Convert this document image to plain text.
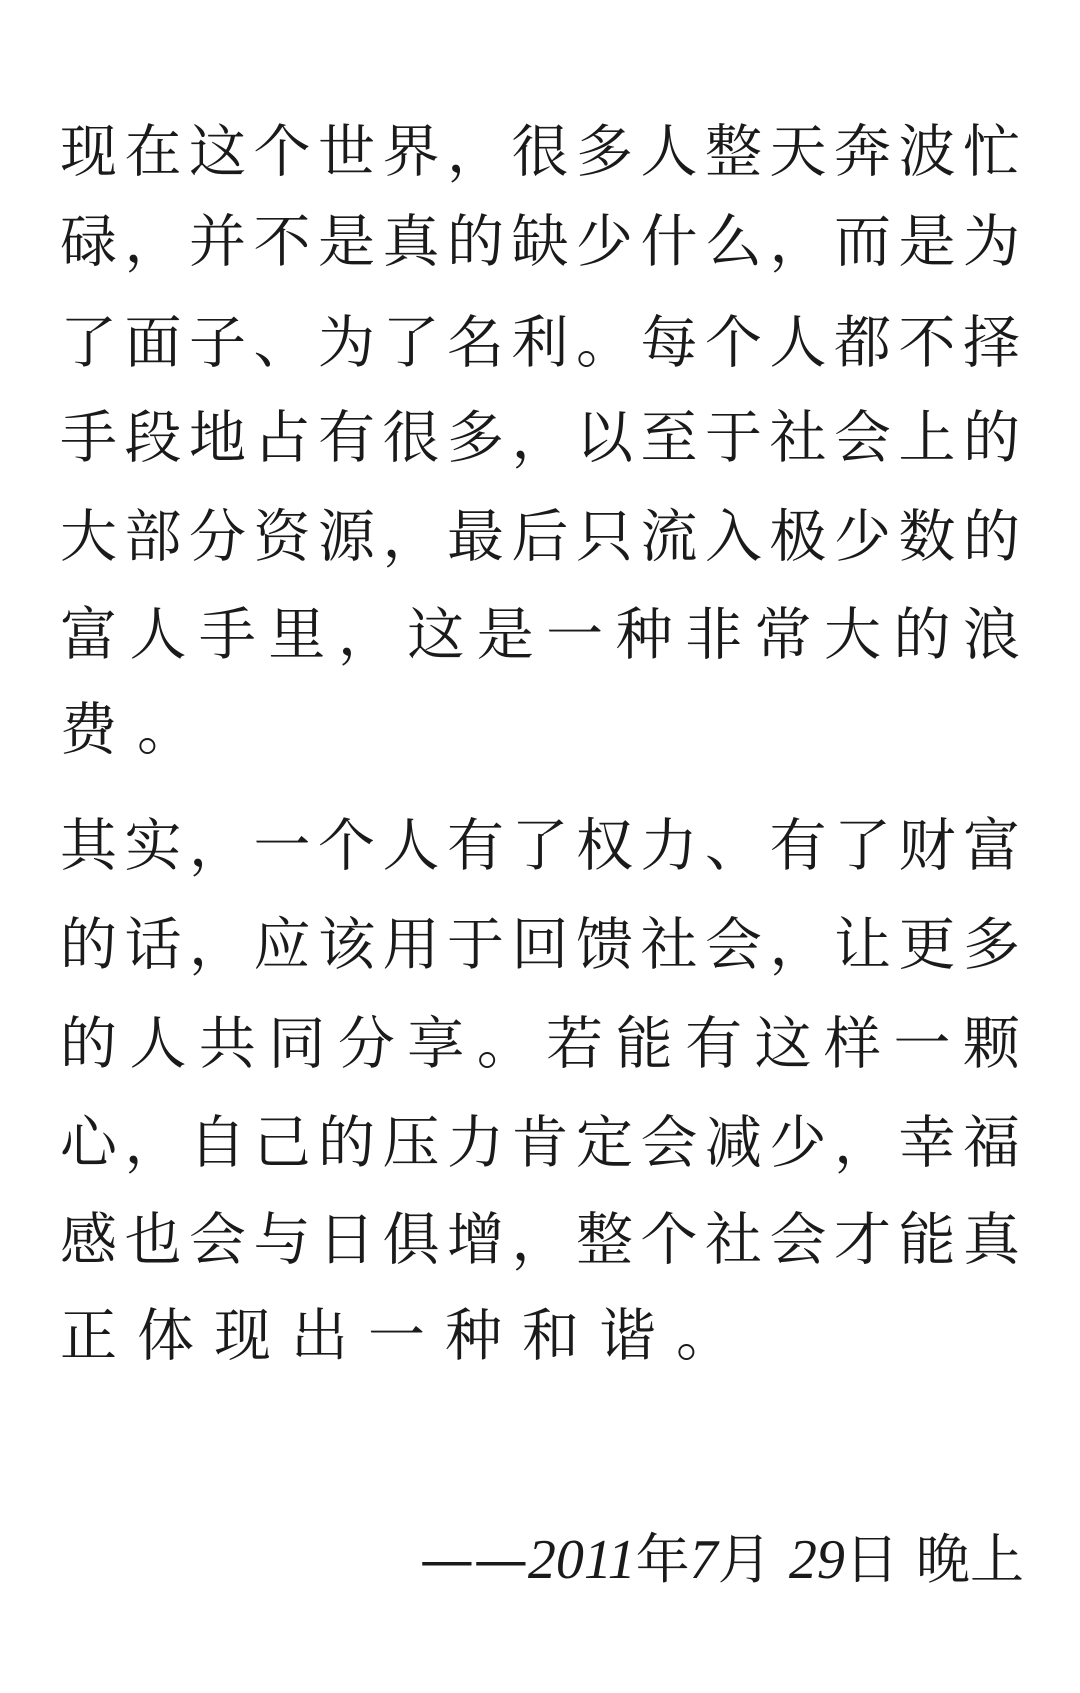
现 在 这 个 世 界 ， 很 多 人 整 天 奔 波 忙
碌 ， 并 不 是 真 的 缺 少 什 么 ， 而 是 为
了 面 子 、 为 了 名 利 。 每 个 人 都 不 择
手 段 地 占 有 很 多 ， 以 至 于 社 会 上 的
大 部 分 资 源 ， 最 后 只 流 入 极 少 数 的
富 人 手 里 ， 这 是 一 种 非 常 大 的 浪
费 。
其 实 ， 一 个 人 有 了 权 力 、 有 了 财 富
的 话 ， 应 该 用 于 回 馈 社 会 ， 让 更 多
的 人 共 同 分 享 。 若 能 有 这 样 一 颗
心 ， 自 己 的 压 力 肯 定 会 减 少 ， 幸 福
感 也 会 与 日 俱 增 ， 整 个 社 会 才 能 真
正 体 现 出 一 种 和 谐 。
——2011年7月 29日 晚上
